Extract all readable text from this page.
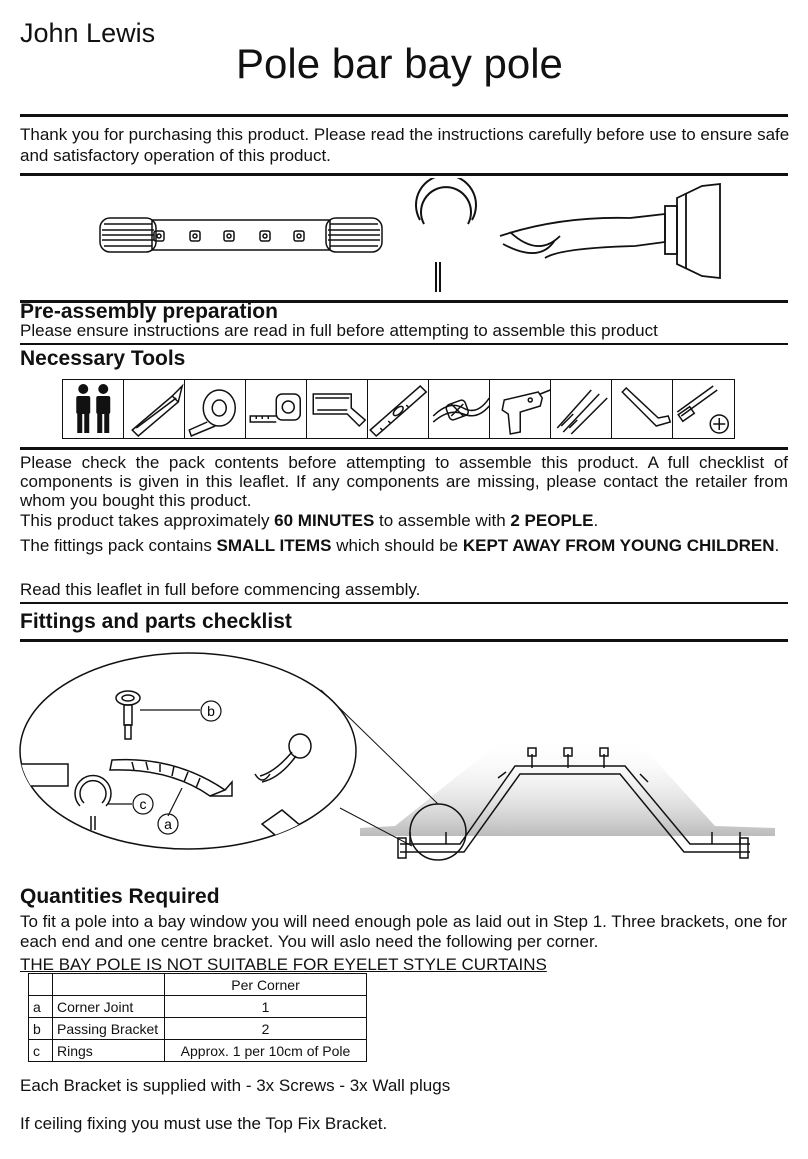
John Lewis
Pole bar bay pole
Thank you for purchasing this product. Please read the instructions carefully before use to ensure safe and satisfactory operation of this product.
Pre-assembly preparation
Please ensure instructions are read in full before attempting to assemble this product
Necessary Tools
Please check the pack contents before attempting to assemble this product. A full checklist of components is given in this leaflet. If any components are missing, please contact the retailer from whom you bought this product.
This product takes approximately 60 MINUTES to assemble with 2 PEOPLE.
The fittings pack contains SMALL ITEMS which should be KEPT AWAY FROM YOUNG CHILDREN.
Read this leaflet in full before commencing assembly.
Fittings and parts checklist
b
c
a
Quantities Required
To fit a pole into a bay window you will need enough pole as laid out in Step 1. Three brackets, one for each end and one centre bracket. You will aslo need the following per corner.
THE BAY POLE IS NOT SUITABLE FOR EYELET STYLE CURTAINS
		Per Corner
a	Corner Joint	1
b	Passing Bracket	2
c	Rings	Approx. 1 per 10cm of Pole
Each Bracket is supplied with - 3x Screws - 3x Wall plugs
If ceiling fixing you must use the Top Fix Bracket.
